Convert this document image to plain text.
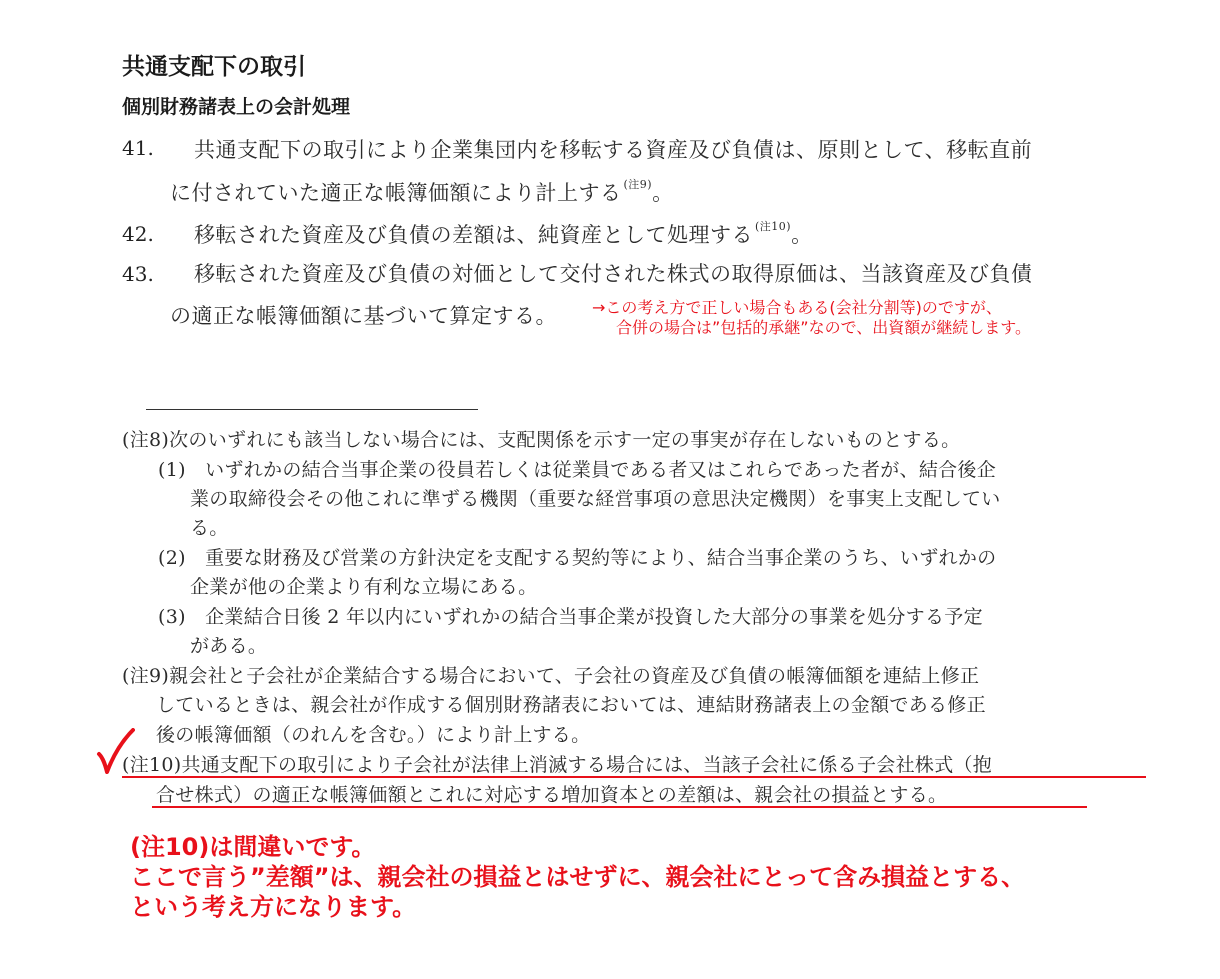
共通支配下の取引
個別財務諸表上の会計処理
41. 共通支配下の取引により企業集団内を移転する資産及び負債は、原則として、移転直前
に付されていた適正な帳簿価額により計上する $^{(注9)}$。
42. 移転された資産及び負債の差額は、純資産として処理する $^{(注10)}$。
43. 移転された資産及び負債の対価として交付された株式の取得原価は、当該資産及び負債
の適正な帳簿価額に基づいて算定する。 →この考え方で正しい場合もある(会社分割等)のですが、
合併の場合は”包括的承継”なので、出資額が継続します。
(注8)次のいずれにも該当しない場合には、支配関係を示す一定の事実が存在しないものとする。
(1)　いずれかの結合当事企業の役員若しくは従業員である者又はこれらであった者が、結合後企
業の取締役会その他これに準ずる機関（重要な経営事項の意思決定機関）を事実上支配してい
る。
(2)　重要な財務及び営業の方針決定を支配する契約等により、結合当事企業のうち、いずれかの
企業が他の企業より有利な立場にある。
(3)　企業結合日後 2 年以内にいずれかの結合当事企業が投資した大部分の事業を処分する予定
がある。
(注9)親会社と子会社が企業結合する場合において、子会社の資産及び負債の帳簿価額を連結上修正
しているときは、親会社が作成する個別財務諸表においては、連結財務諸表上の金額である修正
後の帳簿価額（のれんを含む。）により計上する。
(注10)共通支配下の取引により子会社が法律上消滅する場合には、当該子会社に係る子会社株式（抱
合せ株式）の適正な帳簿価額とこれに対応する増加資本との差額は、親会社の損益とする。
(注10)は間違いです。
ここで言う”差額”は、親会社の損益とはせずに、親会社にとって含み損益とする、
という考え方になります。
